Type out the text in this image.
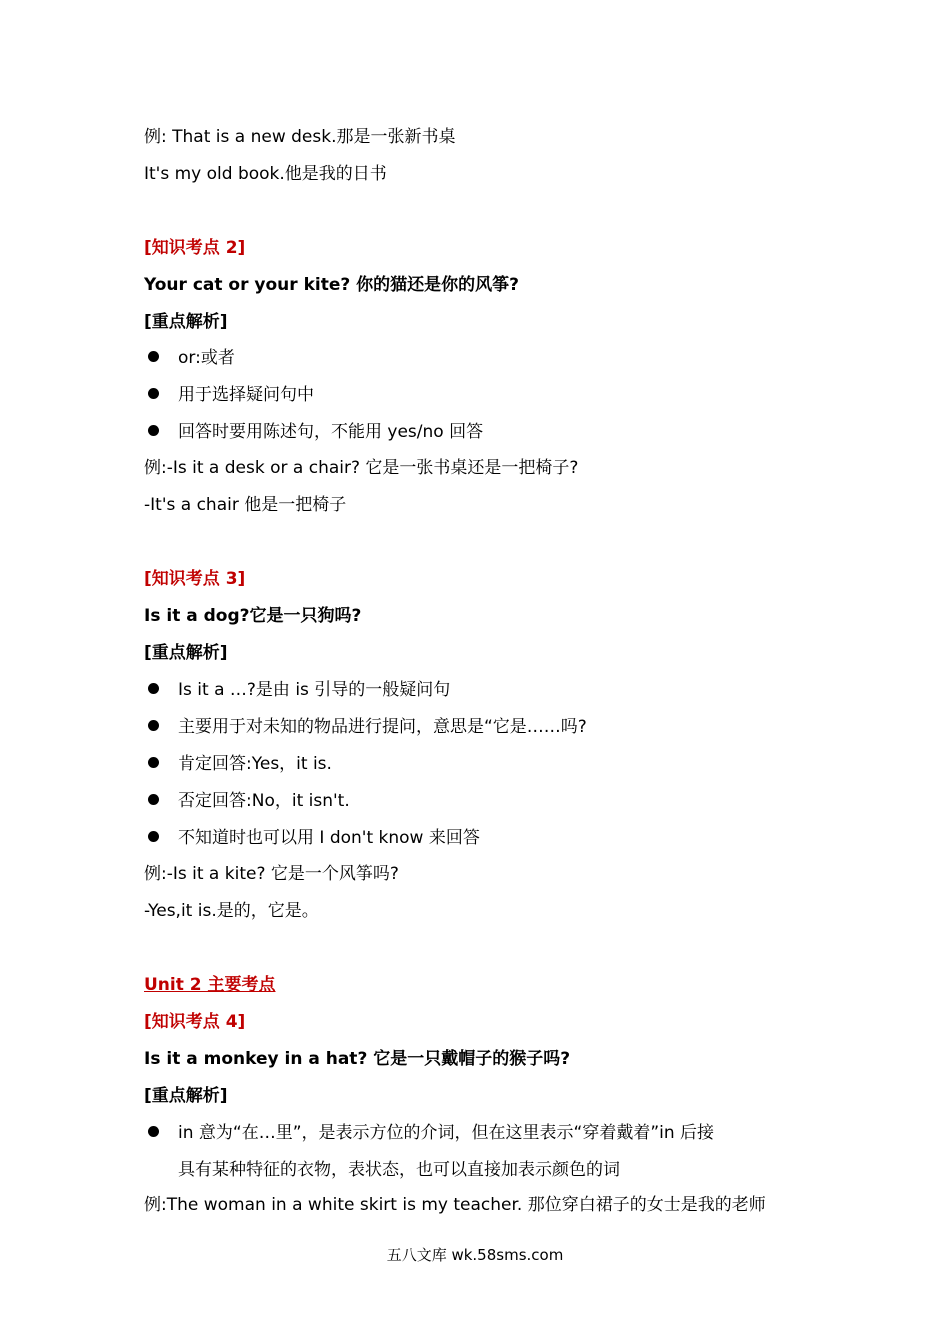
例: That is a new desk.那是一张新书桌
It's my old book.他是我的日书
[知识考点 2]
Your cat or your kite? 你的猫还是你的风筝?
[重点解析]
or:或者
用于选择疑问句中
回答时要用陈述句，不能用 yes/no 回答
例:-Is it a desk or a chair? 它是一张书桌还是一把椅子?
-It's a chair 他是一把椅子
[知识考点 3]
Is it a dog?它是一只狗吗?
[重点解析]
Is it a …?是由 is 引导的一般疑问句
主要用于对未知的物品进行提问，意思是“它是……吗?
肯定回答:Yes，it is.
否定回答:No，it isn't.
不知道时也可以用 I don't know 来回答
例:-Is it a kite? 它是一个风筝吗?
-Yes,it is.是的，它是。
Unit 2 主要考点
[知识考点 4]
Is it a monkey in a hat? 它是一只戴帽子的猴子吗?
[重点解析]
in 意为“在…里”，是表示方位的介词，但在这里表示“穿着戴着”in 后接
具有某种特征的衣物，表状态，也可以直接加表示颜色的词
例:The woman in a white skirt is my teacher. 那位穿白裙子的女士是我的老师
五八文库 wk.58sms.com
